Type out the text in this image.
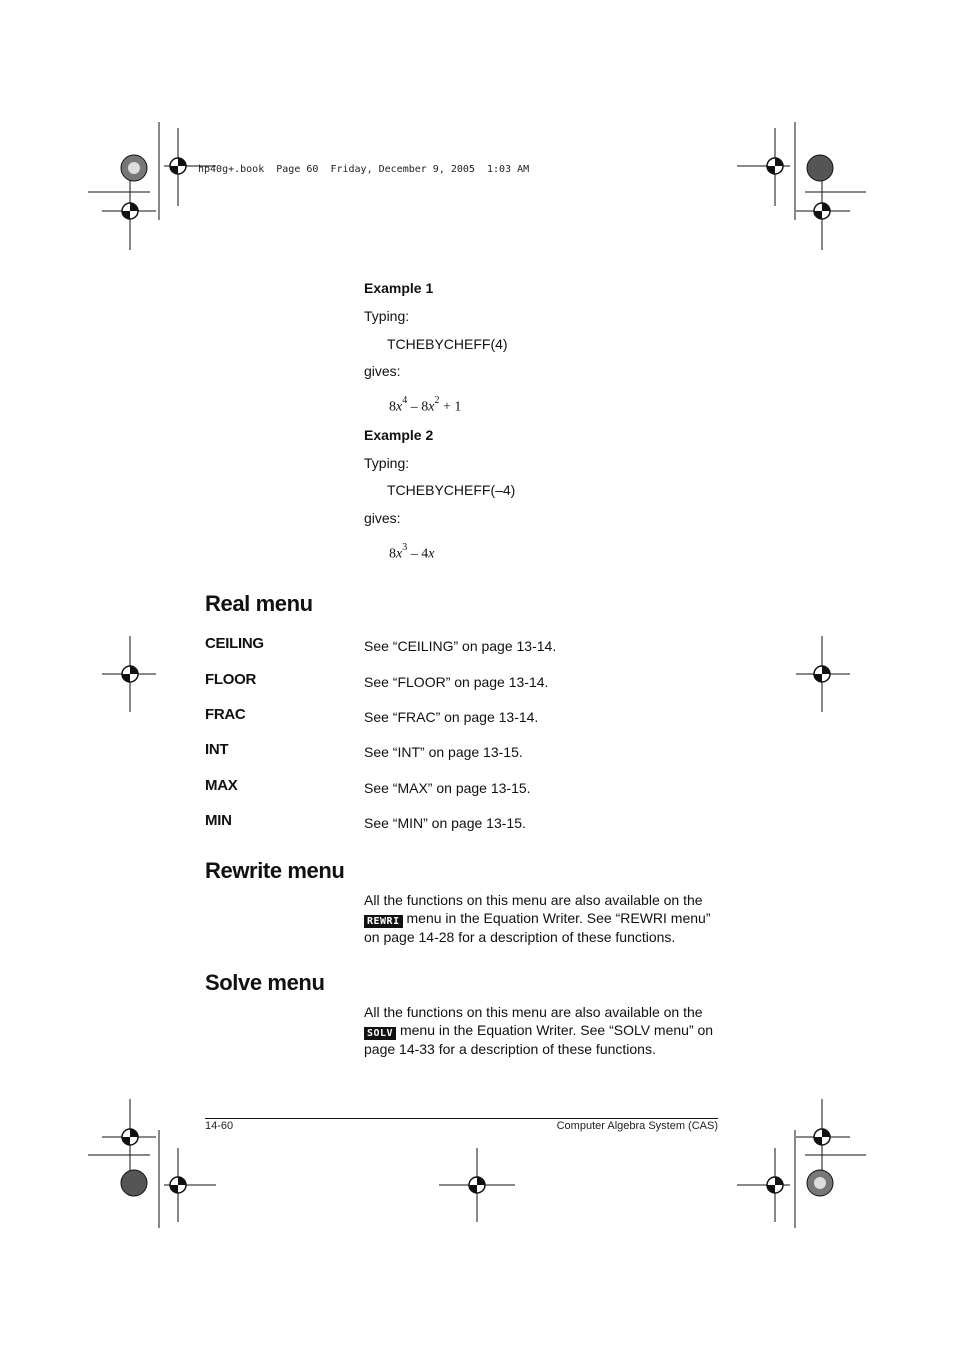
hp40g+.book  Page 60  Friday, December 9, 2005  1:03 AM
Example 1
Typing:
TCHEBYCHEFF(4)
gives:
$8x^4 - 8x^2 + 1$
Example 2
Typing:
TCHEBYCHEFF(–4)
gives:
$8x^3 - 4x$
Real menu
CEILING	See “CEILING” on page 13-14.
FLOOR	See “FLOOR” on page 13-14.
FRAC	See “FRAC” on page 13-14.
INT	See “INT” on page 13-15.
MAX	See “MAX” on page 13-15.
MIN	See “MIN” on page 13-15.
Rewrite menu
All the functions on this menu are also available on the
REWRI menu in the Equation Writer. See “REWRI menu”
on page 14-28 for a description of these functions.
Solve menu
All the functions on this menu are also available on the
SOLV menu in the Equation Writer. See “SOLV menu” on
page 14-33 for a description of these functions.
14-60	Computer Algebra System (CAS)
